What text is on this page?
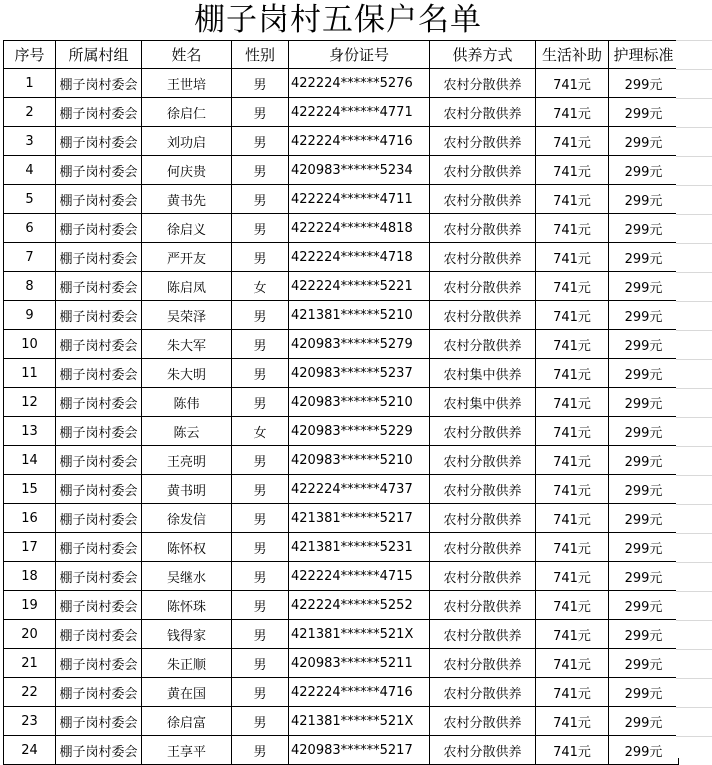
棚子岗村五保户名单
序号	所属村组	姓名	性别	身份证号	供养方式	生活补助	护理标准
1	棚子岗村委会	王世培	男	422224******5276	农村分散供养	741元	299元
2	棚子岗村委会	徐启仁	男	422224******4771	农村分散供养	741元	299元
3	棚子岗村委会	刘功启	男	422224******4716	农村分散供养	741元	299元
4	棚子岗村委会	何庆贵	男	420983******5234	农村分散供养	741元	299元
5	棚子岗村委会	黄书先	男	422224******4711	农村分散供养	741元	299元
6	棚子岗村委会	徐启义	男	422224******4818	农村分散供养	741元	299元
7	棚子岗村委会	严开友	男	422224******4718	农村分散供养	741元	299元
8	棚子岗村委会	陈启凤	女	422224******5221	农村分散供养	741元	299元
9	棚子岗村委会	吴荣泽	男	421381******5210	农村分散供养	741元	299元
10	棚子岗村委会	朱大军	男	420983******5279	农村分散供养	741元	299元
11	棚子岗村委会	朱大明	男	420983******5237	农村集中供养	741元	299元
12	棚子岗村委会	陈伟	男	420983******5210	农村集中供养	741元	299元
13	棚子岗村委会	陈云	女	420983******5229	农村分散供养	741元	299元
14	棚子岗村委会	王亮明	男	420983******5210	农村分散供养	741元	299元
15	棚子岗村委会	黄书明	男	422224******4737	农村分散供养	741元	299元
16	棚子岗村委会	徐发信	男	421381******5217	农村分散供养	741元	299元
17	棚子岗村委会	陈怀权	男	421381******5231	农村分散供养	741元	299元
18	棚子岗村委会	吴继水	男	422224******4715	农村分散供养	741元	299元
19	棚子岗村委会	陈怀珠	男	422224******5252	农村分散供养	741元	299元
20	棚子岗村委会	钱得家	男	421381******521X	农村分散供养	741元	299元
21	棚子岗村委会	朱正顺	男	420983******5211	农村分散供养	741元	299元
22	棚子岗村委会	黄在国	男	422224******4716	农村分散供养	741元	299元
23	棚子岗村委会	徐启富	男	421381******521X	农村分散供养	741元	299元
24	棚子岗村委会	王享平	男	420983******5217	农村分散供养	741元	299元
